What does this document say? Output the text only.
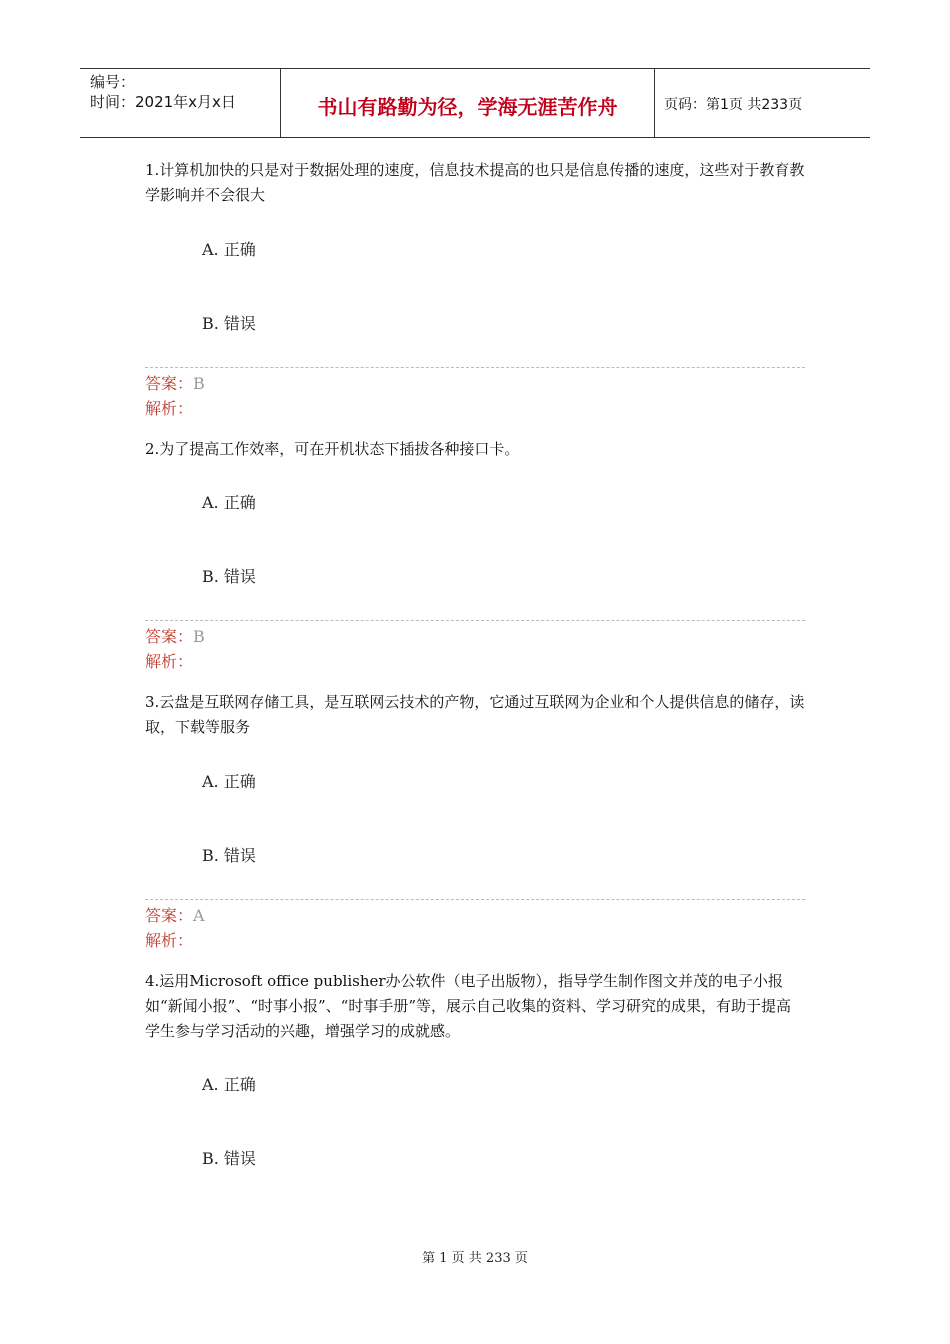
编号：
时间：2021年x月x日	书山有路勤为径，学海无涯苦作舟	页码：第1页 共233页
1.计算机加快的只是对于数据处理的速度，信息技术提高的也只是信息传播的速度，这些对于教育教学影响并不会很大
A. 正确
B. 错误
答案：B
解析：
2.为了提高工作效率，可在开机状态下插拔各种接口卡。
A. 正确
B. 错误
答案：B
解析：
3.云盘是互联网存储工具，是互联网云技术的产物，它通过互联网为企业和个人提供信息的储存，读取，下载等服务
A. 正确
B. 错误
答案：A
解析：
4.运用Microsoft office publisher办公软件（电子出版物），指导学生制作图文并茂的电子小报如“新闻小报”、“时事小报”、“时事手册”等，展示自己收集的资料、学习研究的成果，有助于提高学生参与学习活动的兴趣，增强学习的成就感。
A. 正确
B. 错误
第 1 页 共 233 页
